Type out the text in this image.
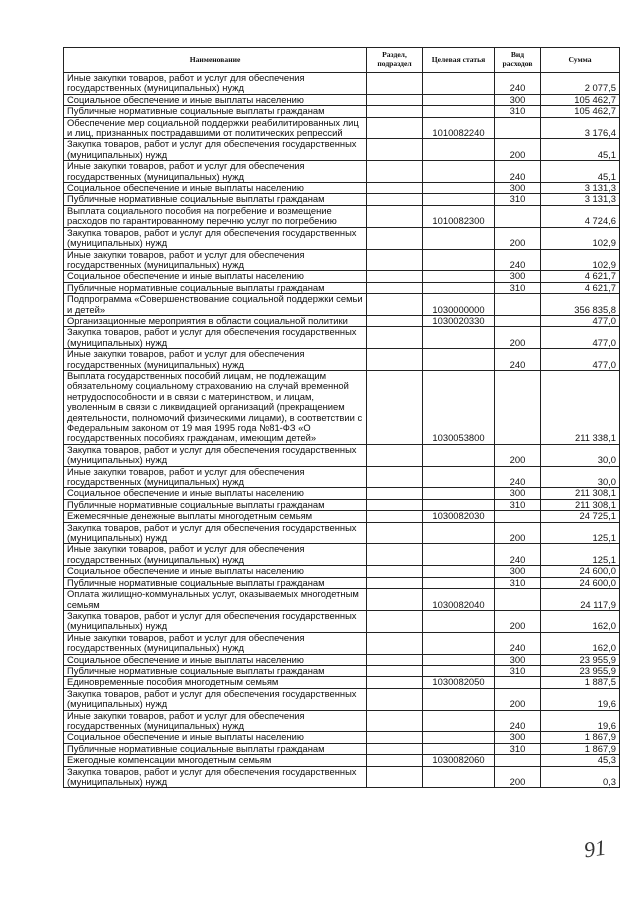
Наименование	Раздел, подраздел	Целевая статья	Вид расходов	Сумма
Иные закупки товаров, работ и услуг для обеспечения государственных (муниципальных) нужд			240	2 077,5
Социальное обеспечение и иные выплаты населению			300	105 462,7
Публичные нормативные социальные выплаты гражданам			310	105 462,7
Обеспечение мер социальной поддержки реабилитированных лиц и лиц, признанных пострадавшими от политических репрессий		1010082240		3 176,4
Закупка товаров, работ и услуг для обеспечения государственных (муниципальных) нужд			200	45,1
Иные закупки товаров, работ и услуг для обеспечения государственных (муниципальных) нужд			240	45,1
Социальное обеспечение и иные выплаты населению			300	3 131,3
Публичные нормативные социальные выплаты гражданам			310	3 131,3
Выплата социального пособия на погребение и возмещение расходов по гарантированному перечню услуг по погребению		1010082300		4 724,6
Закупка товаров, работ и услуг для обеспечения государственных (муниципальных) нужд			200	102,9
Иные закупки товаров, работ и услуг для обеспечения государственных (муниципальных) нужд			240	102,9
Социальное обеспечение и иные выплаты населению			300	4 621,7
Публичные нормативные социальные выплаты гражданам			310	4 621,7
Подпрограмма «Совершенствование социальной поддержки семьи и детей»		1030000000		356 835,8
Организационные мероприятия в области социальной политики		1030020330		477,0
Закупка товаров, работ и услуг для обеспечения государственных (муниципальных) нужд			200	477,0
Иные закупки товаров, работ и услуг для обеспечения государственных (муниципальных) нужд			240	477,0
Выплата государственных пособий лицам, не подлежащим обязательному социальному страхованию на случай временной нетрудоспособности и в связи с материнством, и лицам, уволенным в связи с ликвидацией организаций (прекращением деятельности, полномочий физическими лицами), в соответствии с Федеральным законом от 19 мая 1995 года №81-ФЗ «О государственных пособиях гражданам, имеющим детей»		1030053800		211 338,1
Закупка товаров, работ и услуг для обеспечения государственных (муниципальных) нужд			200	30,0
Иные закупки товаров, работ и услуг для обеспечения государственных (муниципальных) нужд			240	30,0
Социальное обеспечение и иные выплаты населению			300	211 308,1
Публичные нормативные социальные выплаты гражданам			310	211 308,1
Ежемесячные денежные выплаты многодетным семьям		1030082030		24 725,1
Закупка товаров, работ и услуг для обеспечения государственных (муниципальных) нужд			200	125,1
Иные закупки товаров, работ и услуг для обеспечения государственных (муниципальных) нужд			240	125,1
Социальное обеспечение и иные выплаты населению			300	24 600,0
Публичные нормативные социальные выплаты гражданам			310	24 600,0
Оплата жилищно-коммунальных услуг, оказываемых многодетным семьям		1030082040		24 117,9
Закупка товаров, работ и услуг для обеспечения государственных (муниципальных) нужд			200	162,0
Иные закупки товаров, работ и услуг для обеспечения государственных (муниципальных) нужд			240	162,0
Социальное обеспечение и иные выплаты населению			300	23 955,9
Публичные нормативные социальные выплаты гражданам			310	23 955,9
Единовременные пособия многодетным семьям		1030082050		1 887,5
Закупка товаров, работ и услуг для обеспечения государственных (муниципальных) нужд			200	19,6
Иные закупки товаров, работ и услуг для обеспечения государственных (муниципальных) нужд			240	19,6
Социальное обеспечение и иные выплаты населению			300	1 867,9
Публичные нормативные социальные выплаты гражданам			310	1 867,9
Ежегодные компенсации многодетным семьям		1030082060		45,3
Закупка товаров, работ и услуг для обеспечения государственных (муниципальных) нужд			200	0,3
91
